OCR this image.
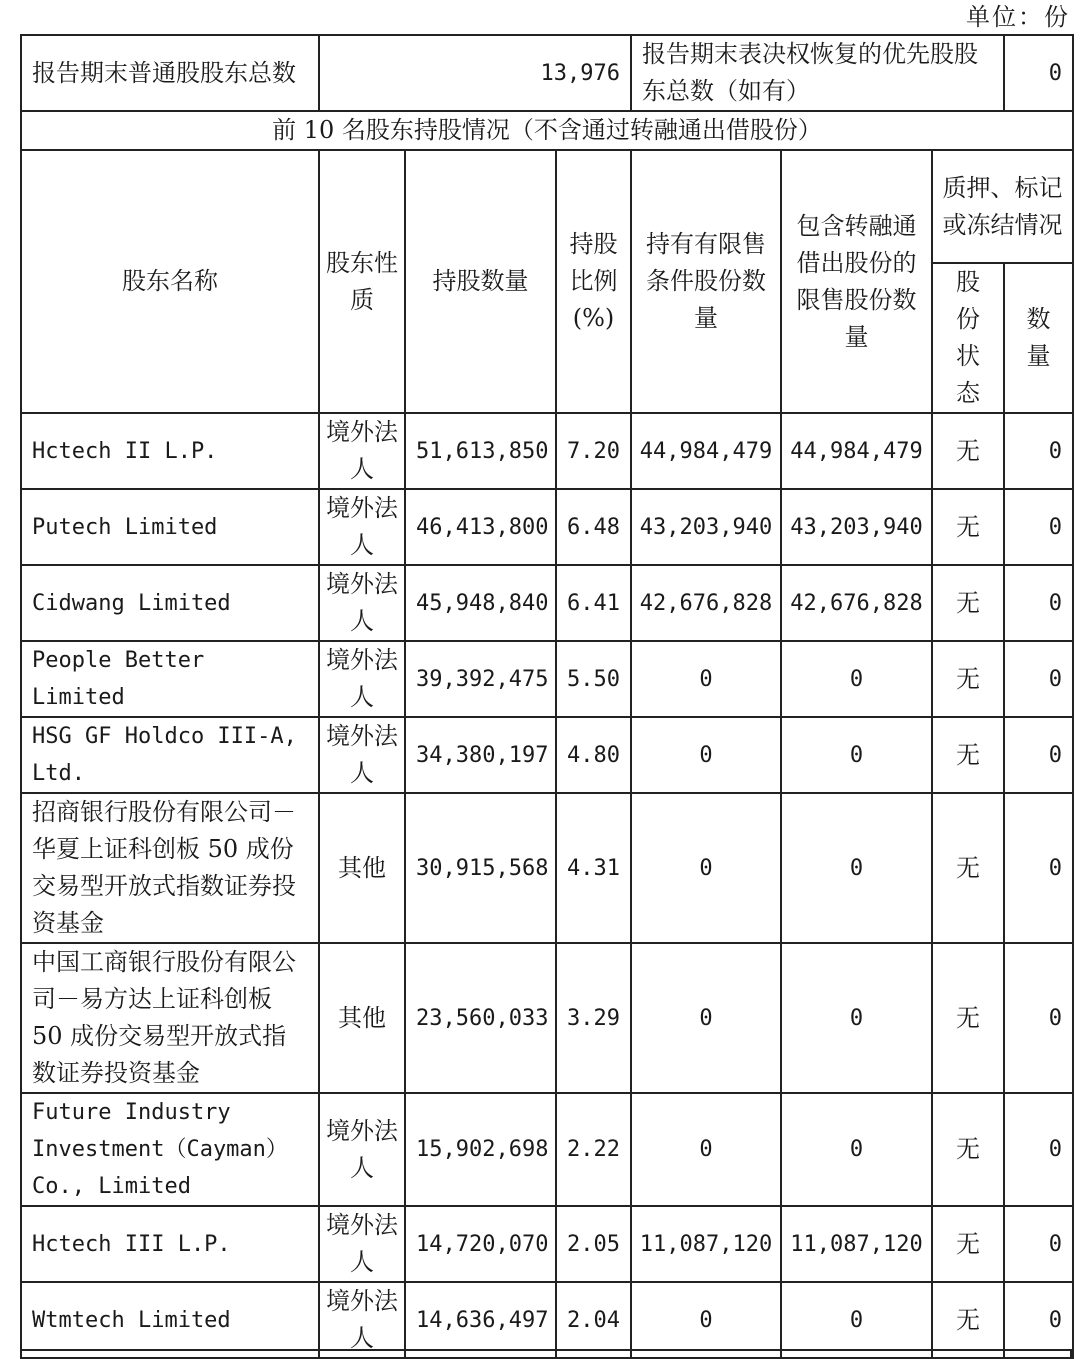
单位：份
报告期末普通股股东总数	13,976			报告期末表决权恢复的优先股股东总数（如有）			0
前 10 名股东持股情况（不含通过转融通出借股份）							
股东名称	股东性质	持股数量	持股比例(%)	持有有限售条件股份数量	包含转融通借出股份的限售股份数量	质押、标记或冻结情况	
						股份状态	数量
Hctech II L.P.	境外法人	51,613,850	7.20	44,984,479	44,984,479	无	0
Putech Limited	境外法人	46,413,800	6.48	43,203,940	43,203,940	无	0
Cidwang Limited	境外法人	45,948,840	6.41	42,676,828	42,676,828	无	0
People Better Limited	境外法人	39,392,475	5.50	0	0	无	0
HSG GF Holdco III-A, Ltd.	境外法人	34,380,197	4.80	0	0	无	0
招商银行股份有限公司－华夏上证科创板 50 成份交易型开放式指数证券投资基金	其他	30,915,568	4.31	0	0	无	0
中国工商银行股份有限公司－易方达上证科创板 50 成份交易型开放式指数证券投资基金	其他	23,560,033	3.29	0	0	无	0
Future Industry Investment（Cayman） Co., Limited	境外法人	15,902,698	2.22	0	0	无	0
Hctech III L.P.	境外法人	14,720,070	2.05	11,087,120	11,087,120	无	0
Wtmtech Limited	境外法人	14,636,497	2.04	0	0	无	0
